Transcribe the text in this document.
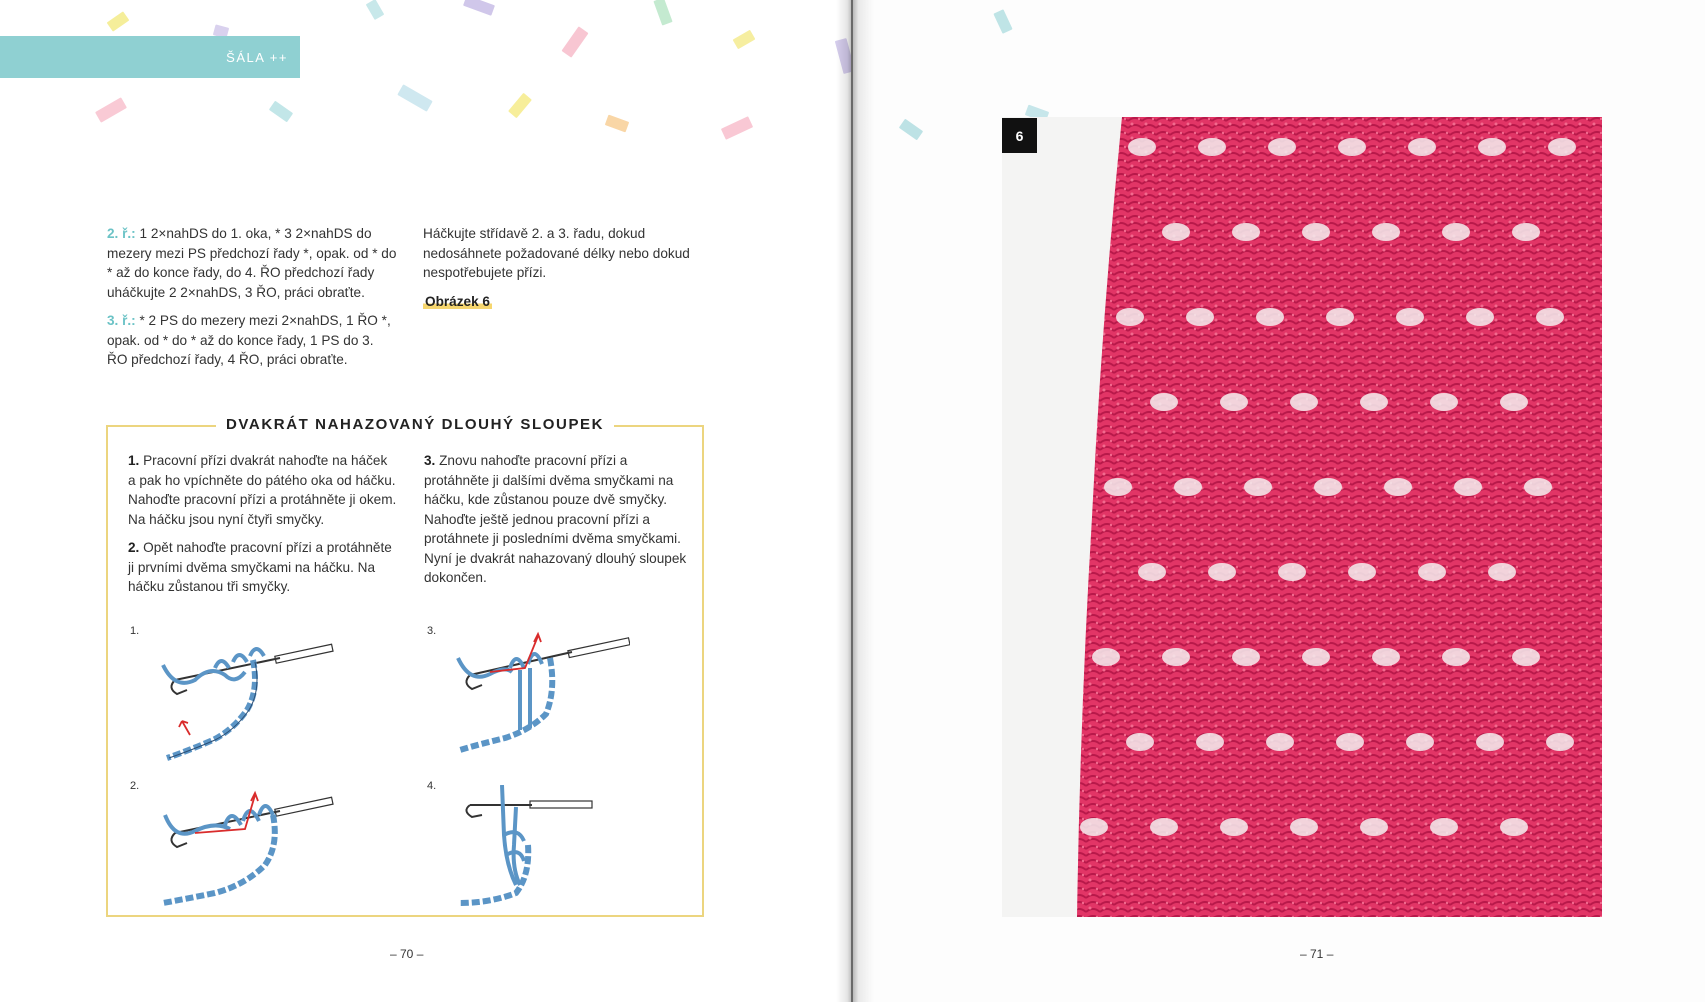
ŠÁLA ++

2. ř.: 1 2×nahDS do 1. oka, * 3 2×nahDS do mezery mezi PS předchozí řady *, opak. od * do * až do konce řady, do 4. ŘO předchozí řady uháčkujte 2 2×nahDS, 3 ŘO, práci obraťte.

3. ř.: * 2 PS do mezery mezi 2×nahDS, 1 ŘO *, opak. od * do * až do konce řady, 1 PS do 3. ŘO předchozí řady, 4 ŘO, práci obraťte.

Háčkujte střídavě 2. a 3. řadu, dokud nedosáhnete požadované délky nebo dokud nespotřebujete přízi.

Obrázek 6
DVAKRÁT NAHAZOVANÝ DLOUHÝ SLOUPEK

1. Pracovní přízi dvakrát nahoďte na háček a pak ho vpíchněte do pátého oka od háčku. Nahoďte pracovní přízi a protáhněte ji okem. Na háčku jsou nyní čtyři smyčky.

2. Opět nahoďte pracovní přízi a protáhněte ji prvními dvěma smyčkami na háčku. Na háčku zůstanou tři smyčky.

3. Znovu nahoďte pracovní přízi a protáhněte ji dalšími dvěma smyčkami na háčku, kde zůstanou pouze dvě smyčky. Nahoďte ještě jednou pracovní přízi a protáhnete ji posledními dvěma smyčkami. Nyní je dvakrát nahazovaný dlouhý sloupek dokončen.

1.
2.
3.
4.
– 70 –	– 71 –
6
